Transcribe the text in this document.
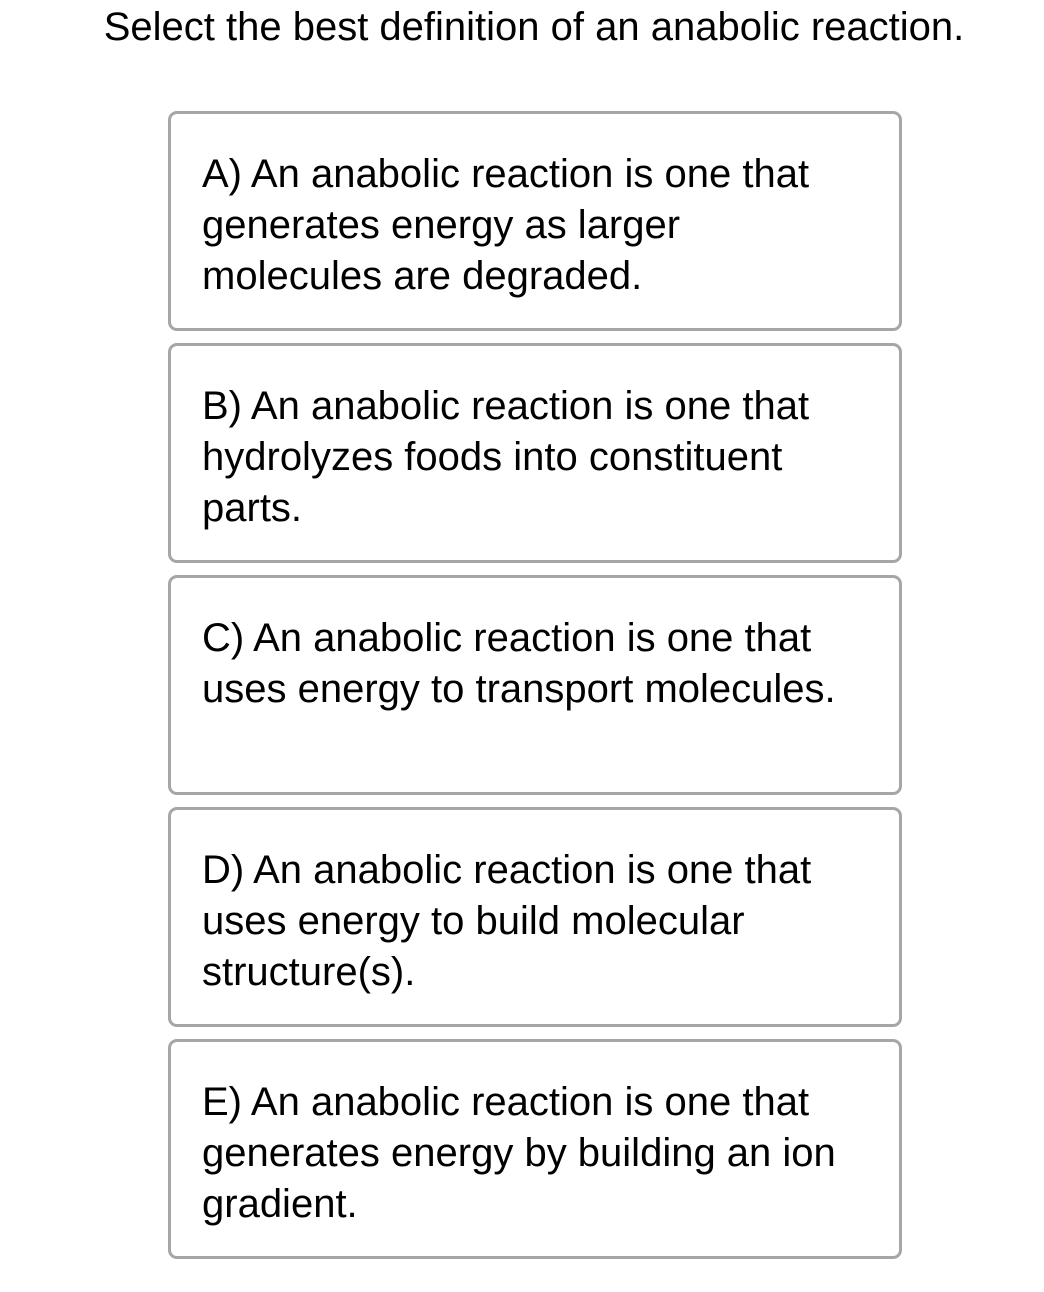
Select the best definition of an anabolic reaction.
A) An anabolic reaction is one that generates energy as larger molecules are degraded.
B) An anabolic reaction is one that hydrolyzes foods into constituent parts.
C) An anabolic reaction is one that uses energy to transport molecules.
D) An anabolic reaction is one that uses energy to build molecular structure(s).
E) An anabolic reaction is one that generates energy by building an ion gradient.
